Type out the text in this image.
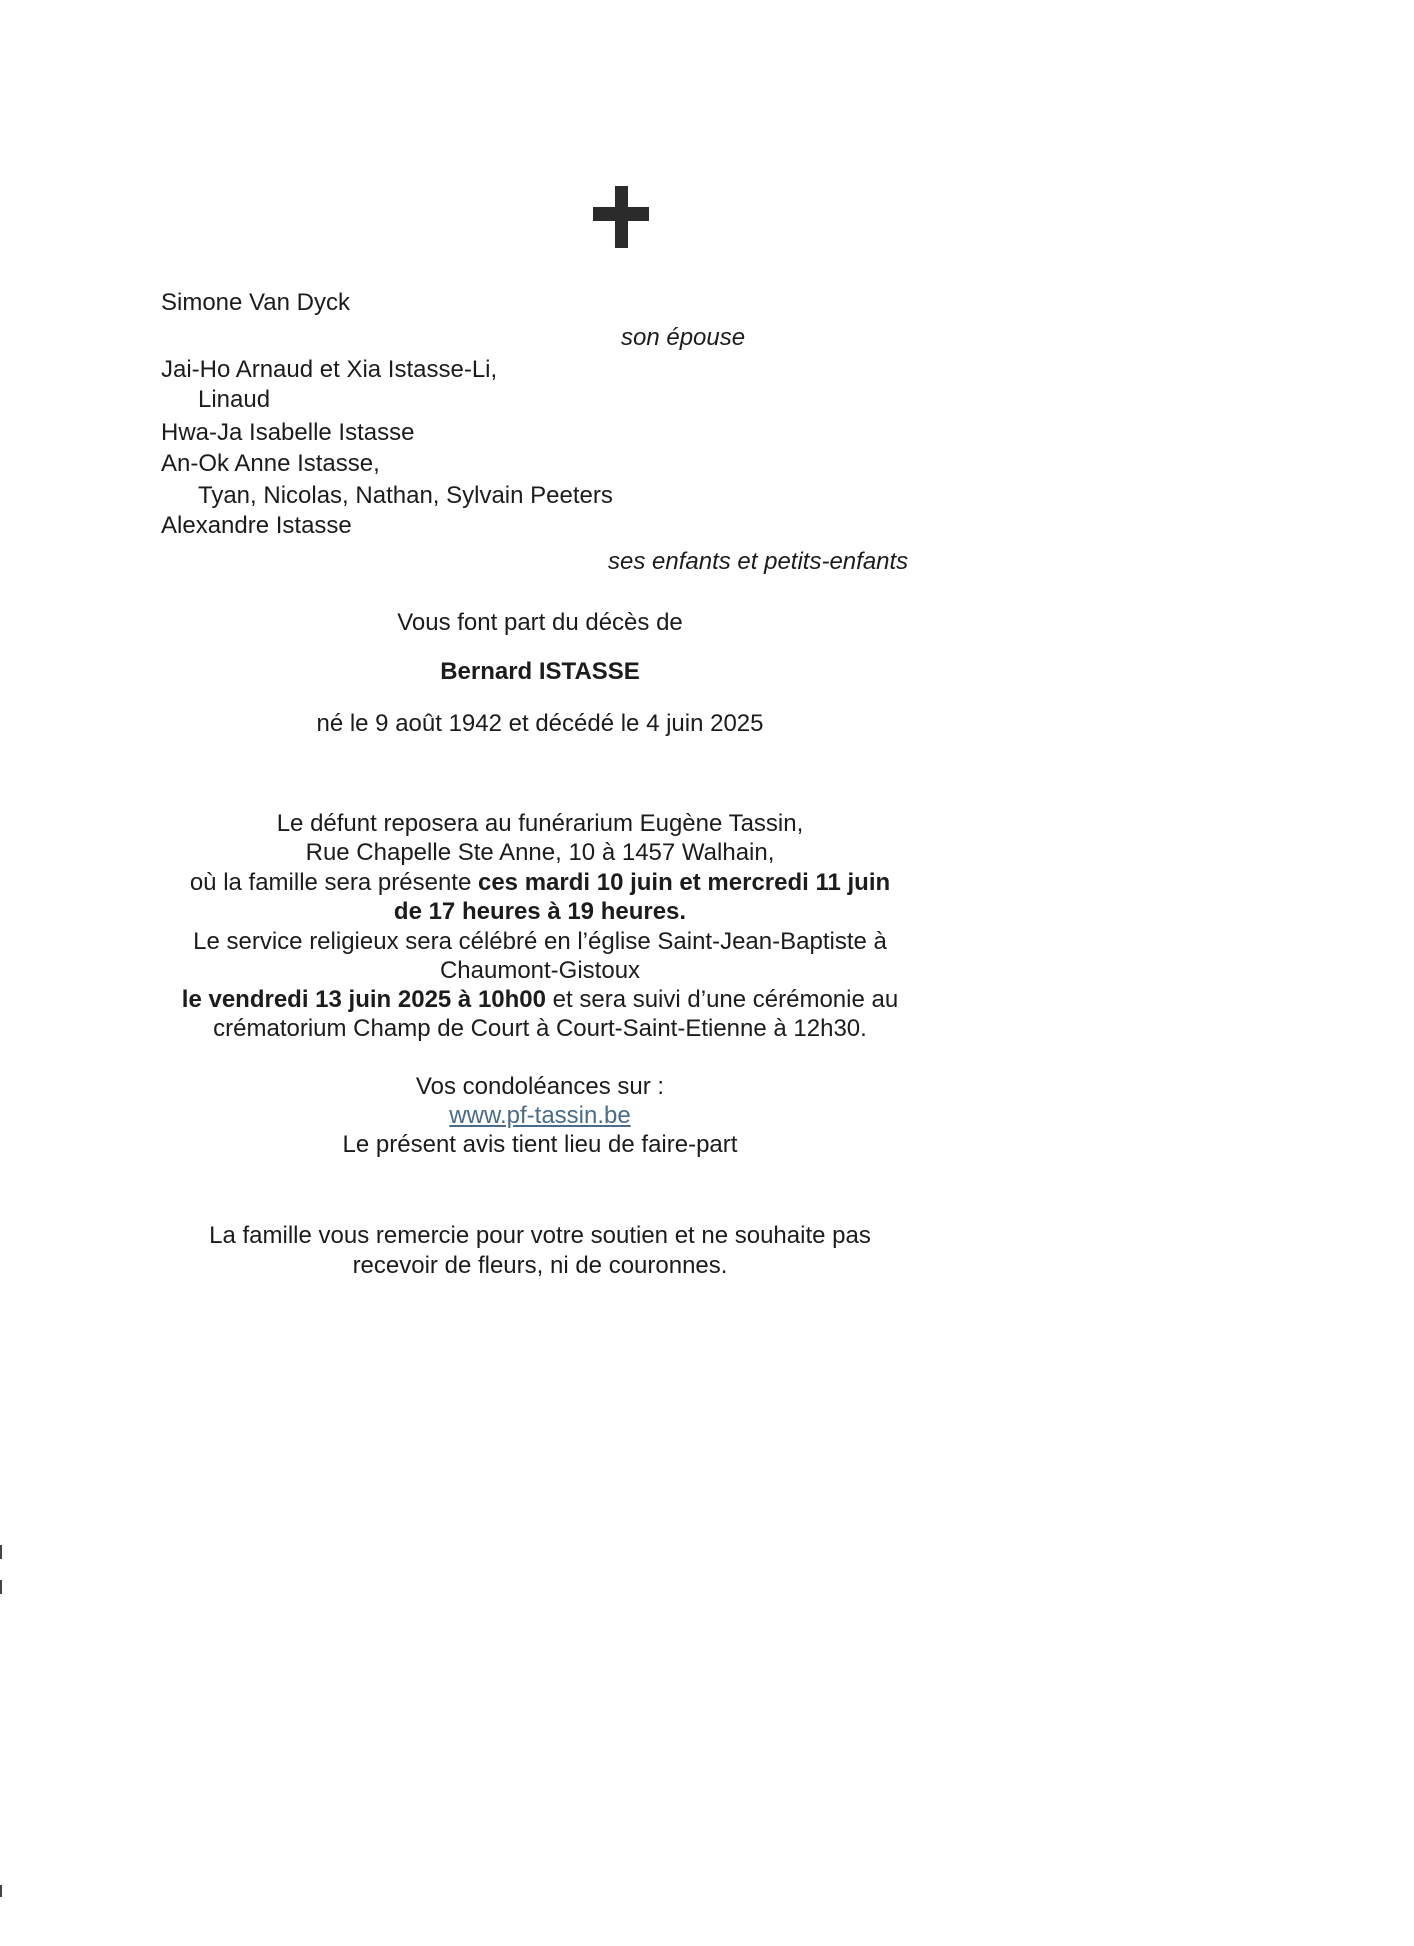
Simone Van Dyck
son épouse
Jai-Ho Arnaud et Xia Istasse-Li,
Linaud
Hwa-Ja Isabelle Istasse
An-Ok Anne Istasse,
Tyan, Nicolas, Nathan, Sylvain Peeters
Alexandre Istasse
ses enfants et petits-enfants
Vous font part du décès de
Bernard ISTASSE
né le 9 août 1942 et décédé le 4 juin 2025
Le défunt reposera au funérarium Eugène Tassin,
Rue Chapelle Ste Anne, 10 à 1457 Walhain,
où la famille sera présente ces mardi 10 juin et mercredi 11 juin
de 17 heures à 19 heures.
Le service religieux sera célébré en l’église Saint-Jean-Baptiste à
Chaumont-Gistoux
le vendredi 13 juin 2025 à 10h00 et sera suivi d’une cérémonie au
crématorium Champ de Court à Court-Saint-Etienne à 12h30.
Vos condoléances sur :
www.pf-tassin.be
Le présent avis tient lieu de faire-part
La famille vous remercie pour votre soutien et ne souhaite pas
recevoir de fleurs, ni de couronnes.
